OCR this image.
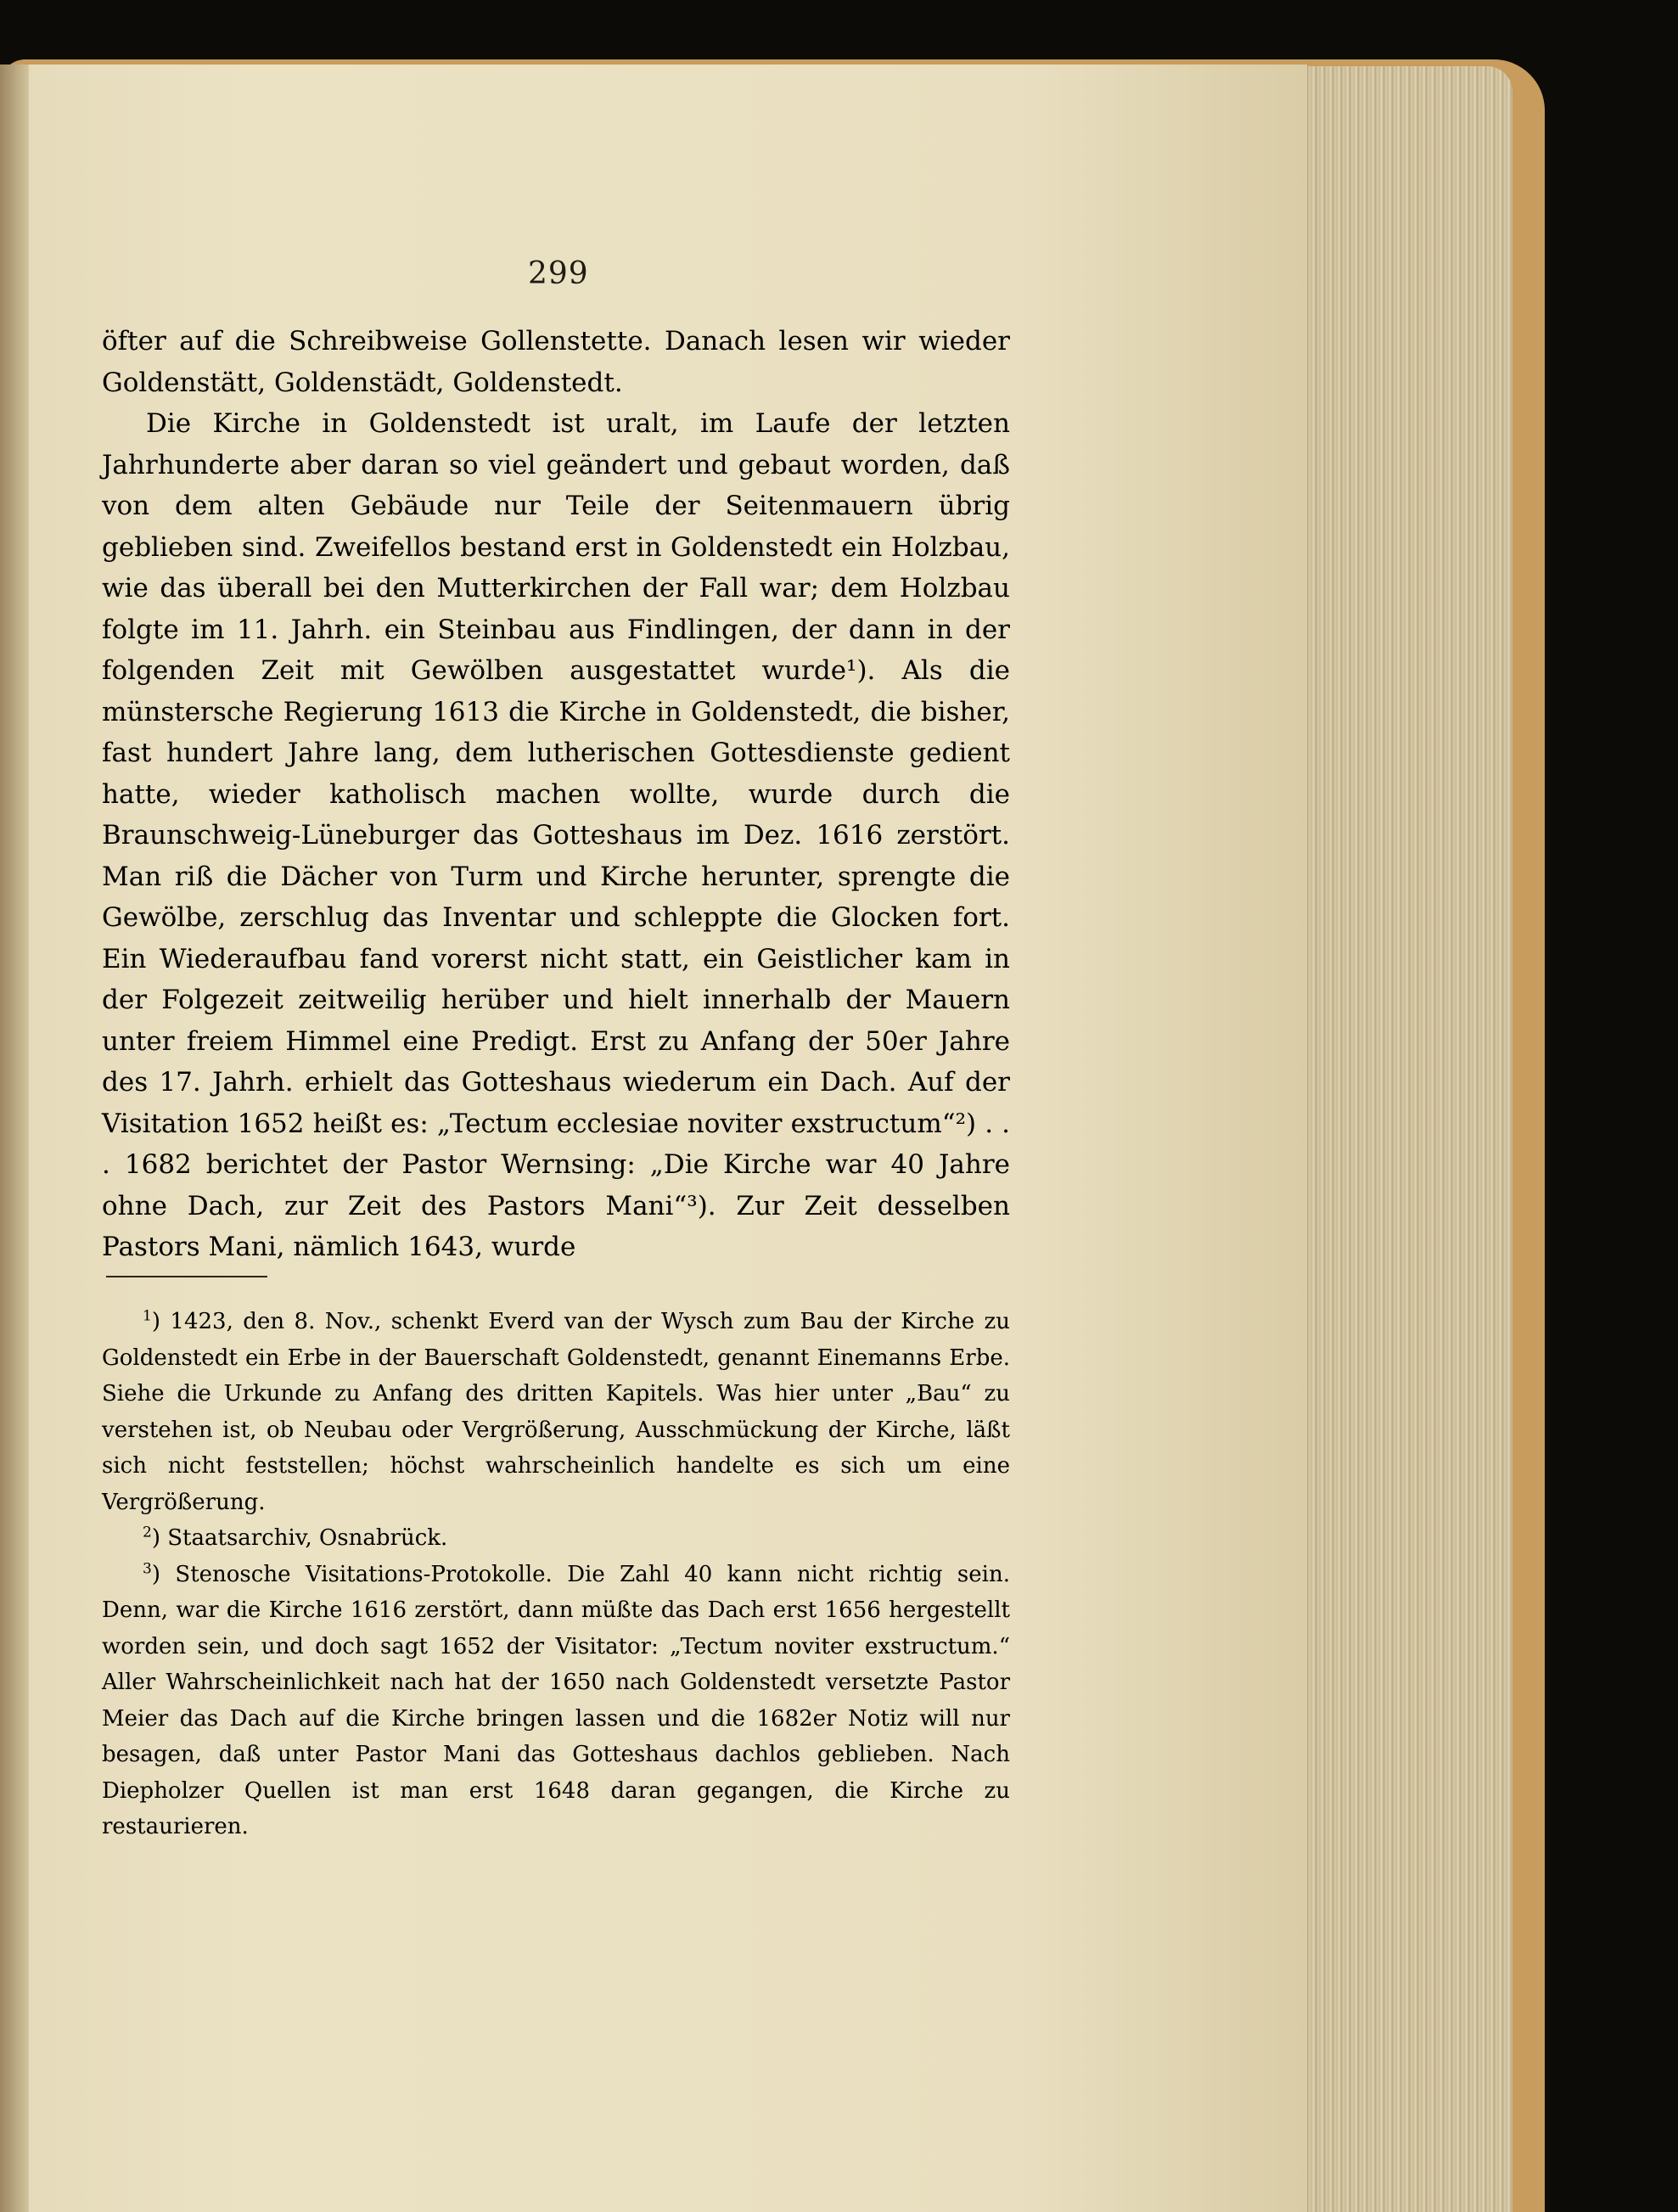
299

öfter auf die Schreibweise Gollenstette. Danach lesen wir wieder Goldenstätt, Goldenstädt, Goldenstedt.

Die Kirche in Goldenstedt ist uralt, im Laufe der letzten Jahrhunderte aber daran so viel geändert und gebaut worden, daß von dem alten Gebäude nur Teile der Seitenmauern übrig geblieben sind. Zweifellos bestand erst in Goldenstedt ein Holzbau, wie das überall bei den Mutterkirchen der Fall war; dem Holzbau folgte im 11. Jahrh. ein Steinbau aus Findlingen, der dann in der folgenden Zeit mit Gewölben ausgestattet wurde¹). Als die münstersche Regierung 1613 die Kirche in Goldenstedt, die bisher, fast hundert Jahre lang, dem lutherischen Gottesdienste gedient hatte, wieder katholisch machen wollte, wurde durch die Braunschweig-Lüneburger das Gotteshaus im Dez. 1616 zerstört. Man riß die Dächer von Turm und Kirche herunter, sprengte die Gewölbe, zerschlug das Inventar und schleppte die Glocken fort. Ein Wiederaufbau fand vorerst nicht statt, ein Geistlicher kam in der Folgezeit zeitweilig herüber und hielt innerhalb der Mauern unter freiem Himmel eine Predigt. Erst zu Anfang der 50er Jahre des 17. Jahrh. erhielt das Gotteshaus wiederum ein Dach. Auf der Visitation 1652 heißt es: „Tectum ecclesiae noviter exstructum“²) . . . 1682 berichtet der Pastor Wernsing: „Die Kirche war 40 Jahre ohne Dach, zur Zeit des Pastors Mani“³). Zur Zeit desselben Pastors Mani, nämlich 1643, wurde

$^1$) 1423, den 8. Nov., schenkt Everd van der Wysch zum Bau der Kirche zu Goldenstedt ein Erbe in der Bauerschaft Goldenstedt, genannt Einemanns Erbe. Siehe die Urkunde zu Anfang des dritten Kapitels. Was hier unter „Bau“ zu verstehen ist, ob Neubau oder Vergrößerung, Ausschmückung der Kirche, läßt sich nicht feststellen; höchst wahrscheinlich handelte es sich um eine Vergrößerung.

$^2$) Staatsarchiv, Osnabrück.

$^3$) Stenosche Visitations-Protokolle. Die Zahl 40 kann nicht richtig sein. Denn, war die Kirche 1616 zerstört, dann müßte das Dach erst 1656 hergestellt worden sein, und doch sagt 1652 der Visitator: „Tectum noviter exstructum.“ Aller Wahrscheinlichkeit nach hat der 1650 nach Goldenstedt versetzte Pastor Meier das Dach auf die Kirche bringen lassen und die 1682er Notiz will nur besagen, daß unter Pastor Mani das Gotteshaus dachlos geblieben. Nach Diepholzer Quellen ist man erst 1648 daran gegangen, die Kirche zu restaurieren.
